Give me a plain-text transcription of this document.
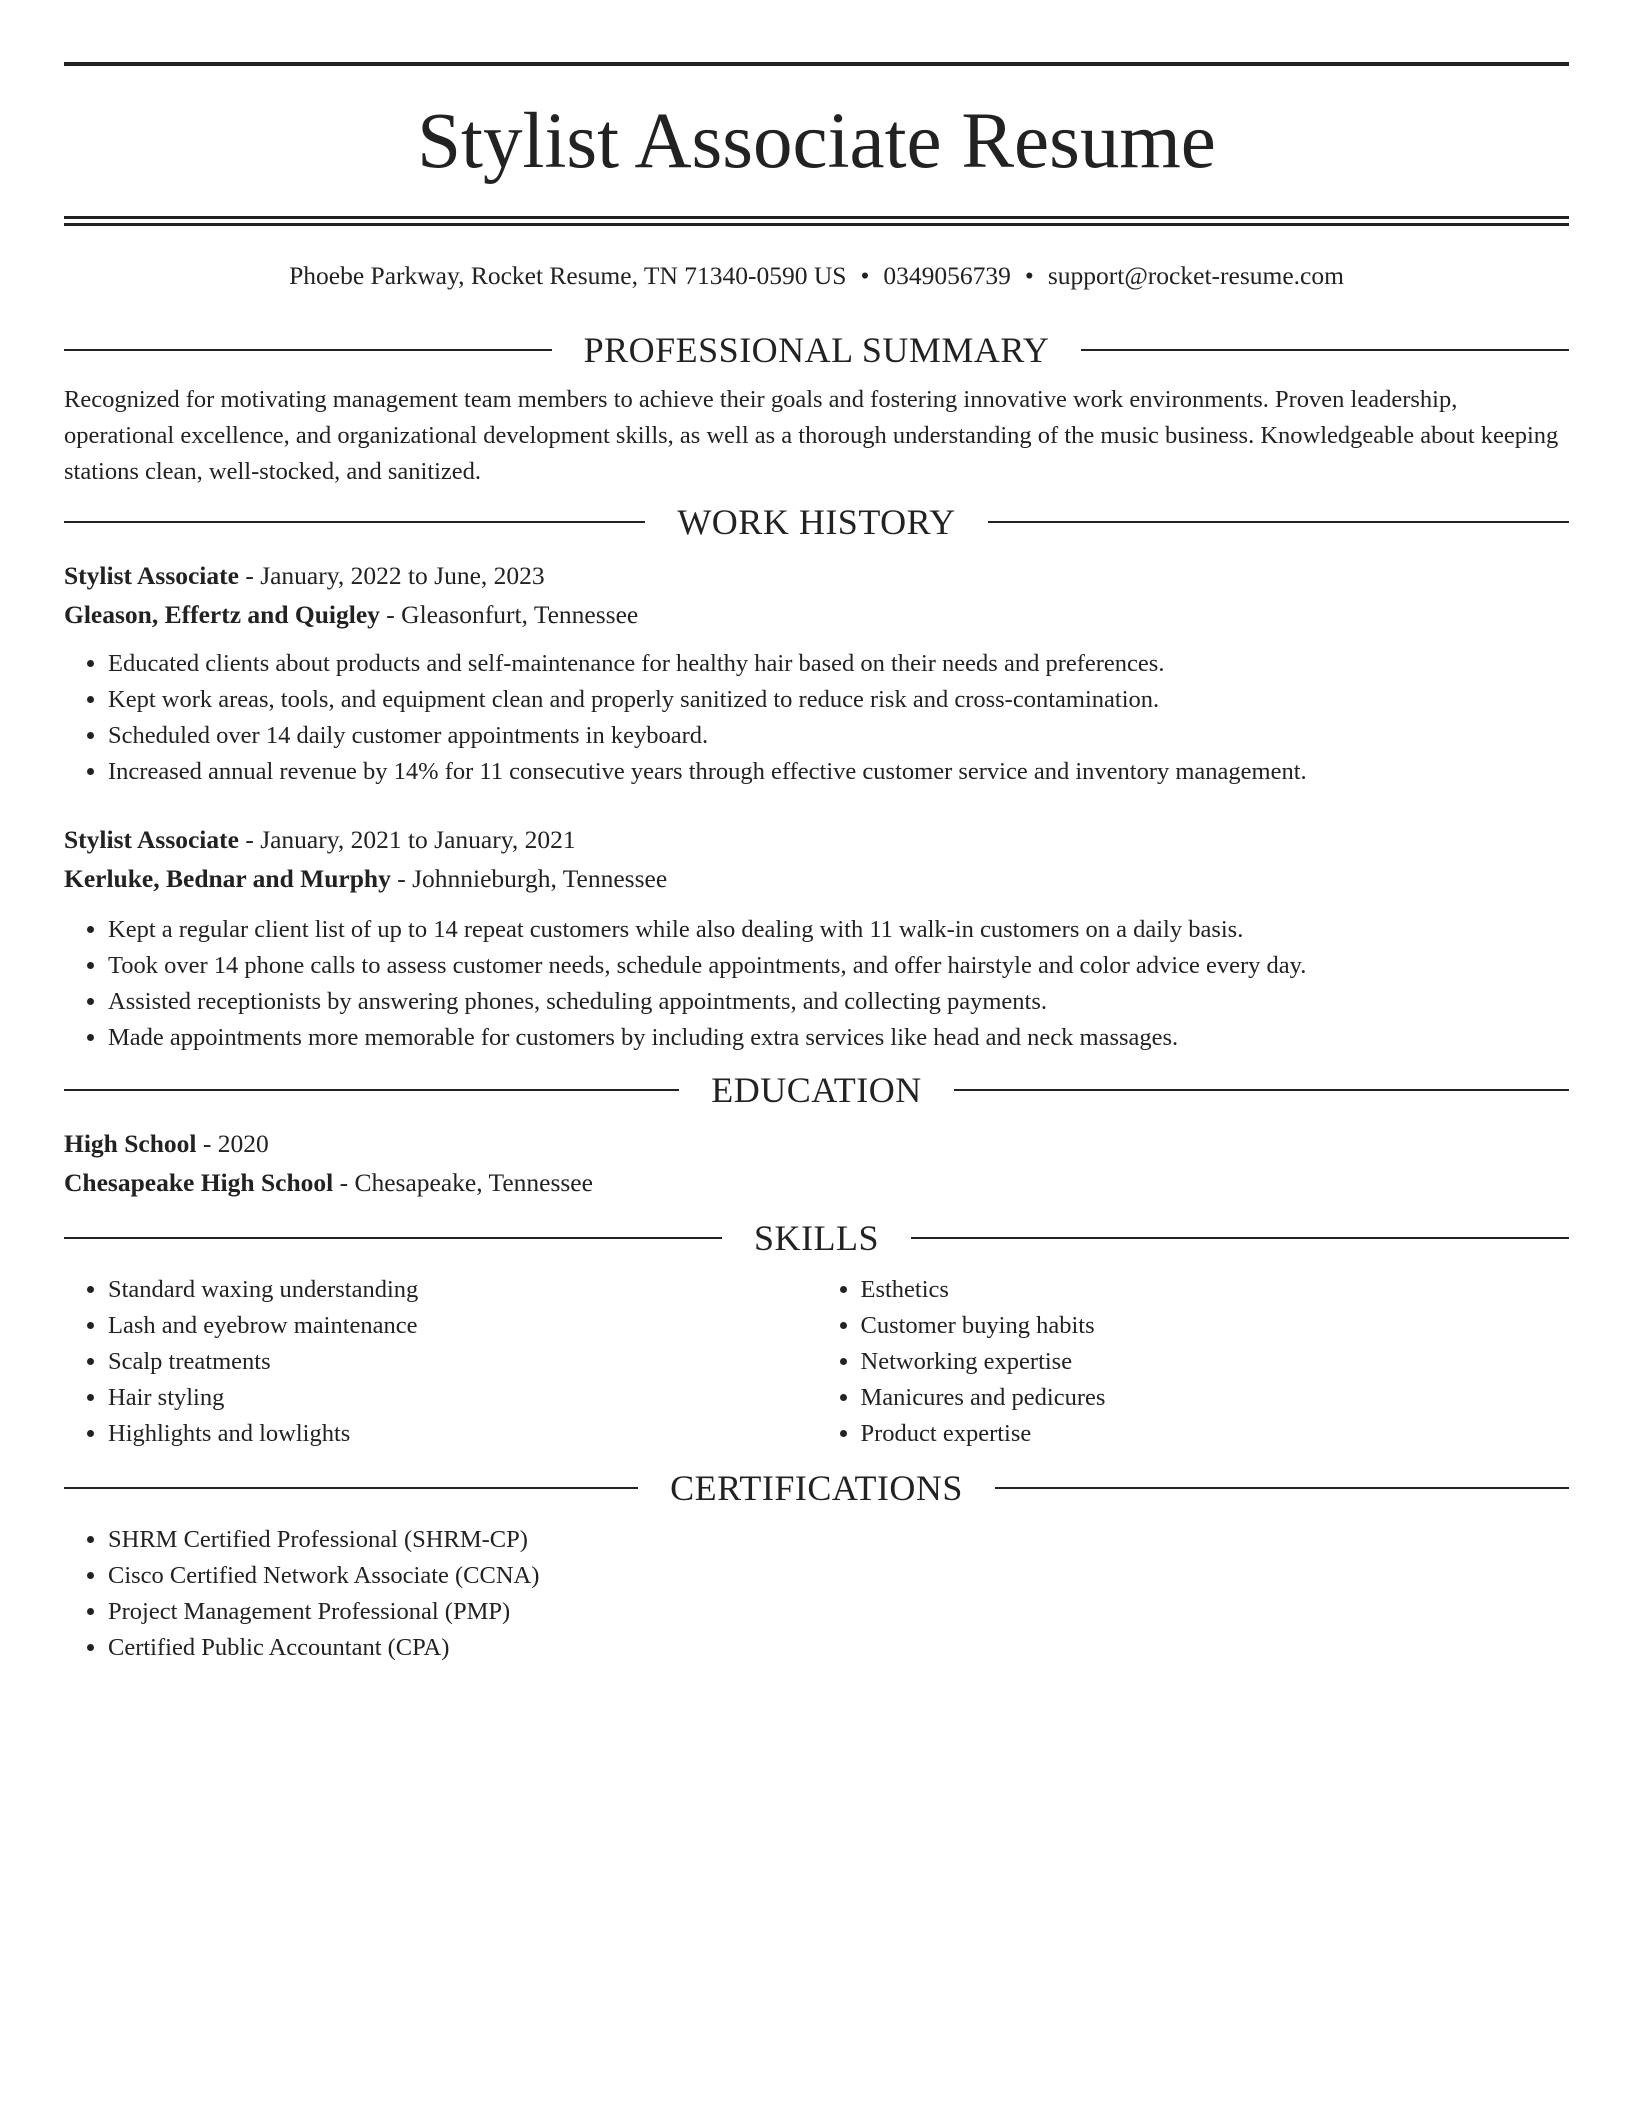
Stylist Associate Resume
Phoebe Parkway, Rocket Resume, TN 71340-0590 US • 0349056739 • support@rocket-resume.com
PROFESSIONAL SUMMARY

Recognized for motivating management team members to achieve their goals and fostering innovative work environments. Proven leadership, operational excellence, and organizational development skills, as well as a thorough understanding of the music business. Knowledgeable about keeping stations clean, well-stocked, and sanitized.

WORK HISTORY
Stylist Associate - January, 2022 to June, 2023
Gleason, Effertz and Quigley - Gleasonfurt, Tennessee
• Educated clients about products and self-maintenance for healthy hair based on their needs and preferences.
• Kept work areas, tools, and equipment clean and properly sanitized to reduce risk and cross-contamination.
• Scheduled over 14 daily customer appointments in keyboard.
• Increased annual revenue by 14% for 11 consecutive years through effective customer service and inventory management.
Stylist Associate - January, 2021 to January, 2021
Kerluke, Bednar and Murphy - Johnnieburgh, Tennessee
• Kept a regular client list of up to 14 repeat customers while also dealing with 11 walk-in customers on a daily basis.
• Took over 14 phone calls to assess customer needs, schedule appointments, and offer hairstyle and color advice every day.
• Assisted receptionists by answering phones, scheduling appointments, and collecting payments.
• Made appointments more memorable for customers by including extra services like head and neck massages.
EDUCATION
High School - 2020
Chesapeake High School - Chesapeake, Tennessee
SKILLS
• Standard waxing understanding
• Lash and eyebrow maintenance
• Scalp treatments
• Hair styling
• Highlights and lowlights
• Esthetics
• Customer buying habits
• Networking expertise
• Manicures and pedicures
• Product expertise
CERTIFICATIONS
• SHRM Certified Professional (SHRM-CP)
• Cisco Certified Network Associate (CCNA)
• Project Management Professional (PMP)
• Certified Public Accountant (CPA)
